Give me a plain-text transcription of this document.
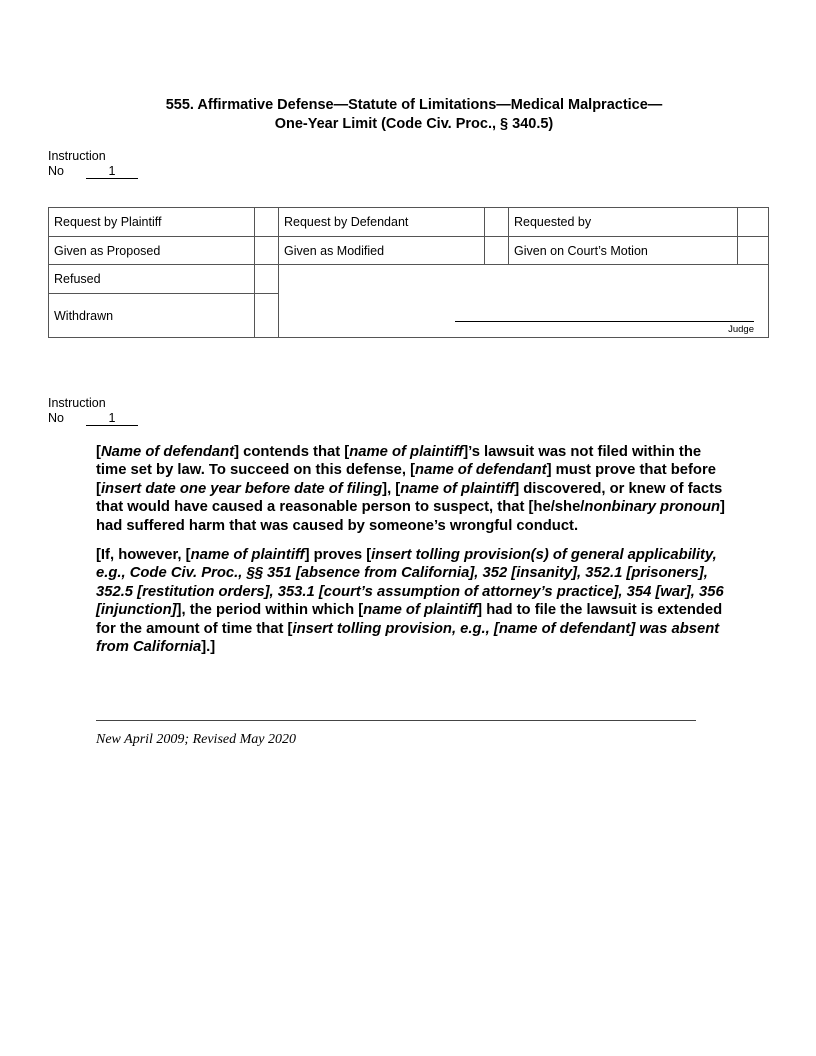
555. Affirmative Defense—Statute of Limitations—Medical Malpractice—
One-Year Limit (Code Civ. Proc., § 340.5)
Instruction
No	1
Request by Plaintiff		Request by Defendant		Requested by	
Given as Proposed		Given as Modified		Given on Court’s Motion	
Refused		Judge			

Withdrawn					
Instruction
No	1

[Name of defendant] contends that [name of plaintiff]’s lawsuit was not filed within the time set by law. To succeed on this defense, [name of defendant] must prove that before [insert date one year before date of filing], [name of plaintiff] discovered, or knew of facts that would have caused a reasonable person to suspect, that [he/she/nonbinary pronoun] had suffered harm that was caused by someone’s wrongful conduct.

[If, however, [name of plaintiff] proves [insert tolling provision(s) of general applicability, e.g., Code Civ. Proc., §§ 351 [absence from California], 352 [insanity], 352.1 [prisoners], 352.5 [restitution orders], 353.1 [court’s assumption of attorney’s practice], 354 [war], 356 [injunction]], the period within which [name of plaintiff] had to file the lawsuit is extended for the amount of time that [insert tolling provision, e.g., [name of defendant] was absent from California].]

New April 2009; Revised May 2020
